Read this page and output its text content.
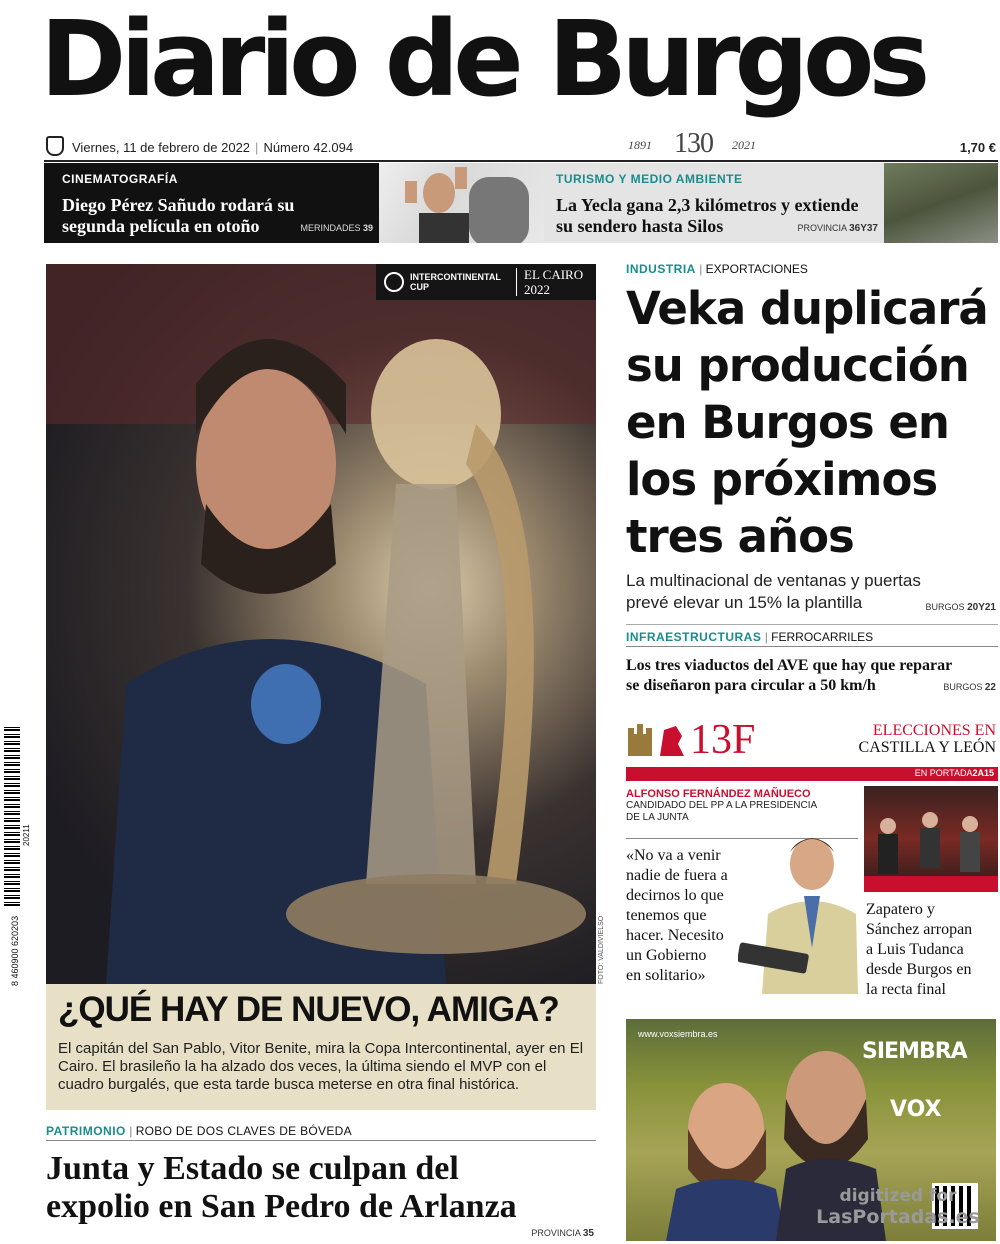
Diario de Burgos
Viernes, 11 de febrero de 2022 | Número 42.094	1891 130 2021	1,70 €
CINEMATOGRAFÍA
Diego Pérez Sañudo rodará su segunda película en otoño	MERINDADES 39
TURISMO Y MEDIO AMBIENTE
La Yecla gana 2,3 kilómetros y extiende su sendero hasta Silos	PROVINCIA 36Y37
INTERCONTINENTAL CUP
EL CAIRO 2022
FOTO: VALDIVIELSO
¿QUÉ HAY DE NUEVO, AMIGA?
El capitán del San Pablo, Vitor Benite, mira la Copa Intercontinental, ayer en El Cairo. El brasileño la ha alzado dos veces, la última siendo el MVP con el cuadro burgalés, que esta tarde busca meterse en otra final histórica.
PATRIMONIO | ROBO DE DOS CLAVES DE BÓVEDA
Junta y Estado se culpan del
expolio en San Pedro de Arlanza
PROVINCIA 35
INDUSTRIA | EXPORTACIONES
Veka duplicará
su producción
en Burgos en
los próximos
tres años
La multinacional de ventanas y puertas
prevé elevar un 15% la plantilla	BURGOS 20Y21
INFRAESTRUCTURAS | FERROCARRILES
Los tres viaductos del AVE que hay que reparar
se diseñaron para circular a 50 km/h	BURGOS 22
13F	ELECCIONES EN
CASTILLA Y LEÓN
EN PORTADA2A15
ALFONSO FERNÁNDEZ MAÑUECO
CANDIDADO DEL PP A LA PRESIDENCIA
DE LA JUNTA
«No va a venir
nadie de fuera a
decirnos lo que
tenemos que
hacer. Necesito
un Gobierno
en solitario»
Zapatero y
Sánchez arropan
a Luis Tudanca
desde Burgos en
la recta final
www.voxsiembra.es
SIEMBRA
VOX
digitized for
LasPortadas.es
20211
8 460900 620203
